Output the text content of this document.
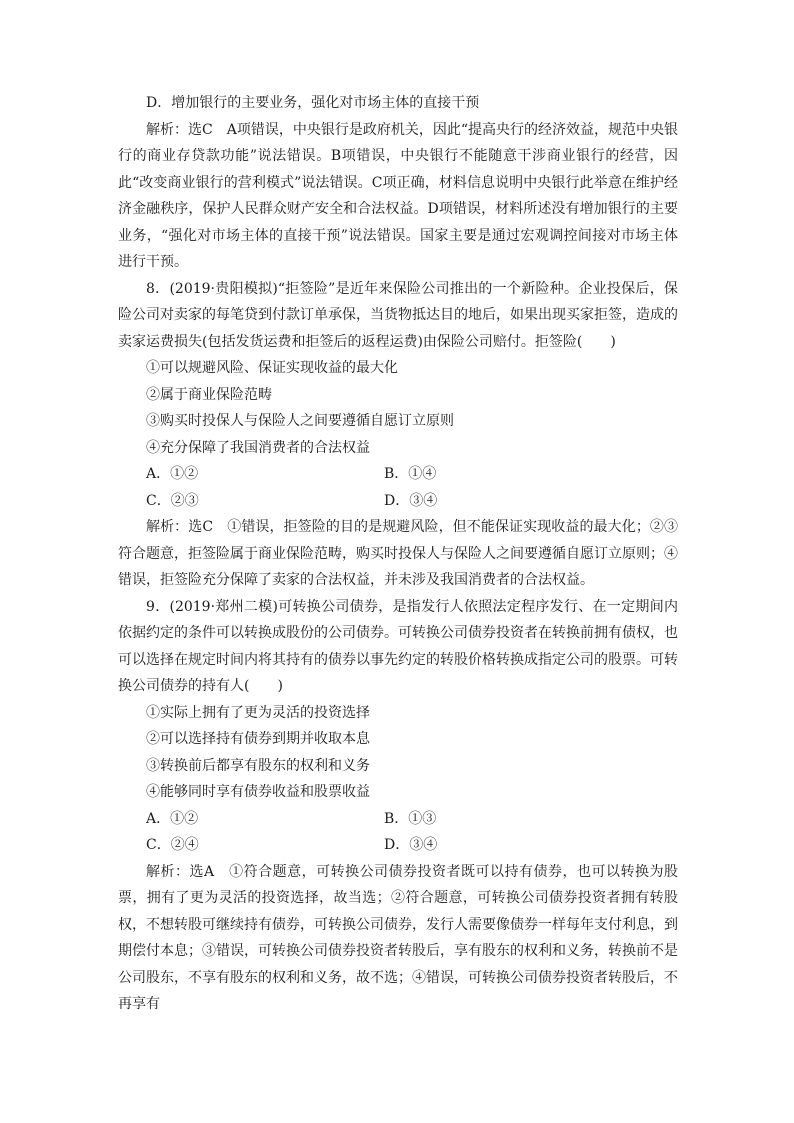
D．增加银行的主要业务，强化对市场主体的直接干预

解析：选C　A项错误，中央银行是政府机关，因此“提高央行的经济效益，规范中央银行的商业存贷款功能”说法错误。B项错误，中央银行不能随意干涉商业银行的经营，因此“改变商业银行的营利模式”说法错误。C项正确，材料信息说明中央银行此举意在维护经济金融秩序，保护人民群众财产安全和合法权益。D项错误，材料所述没有增加银行的主要业务，“强化对市场主体的直接干预”说法错误。国家主要是通过宏观调控间接对市场主体进行干预。

8．(2019·贵阳模拟)“拒签险”是近年来保险公司推出的一个新险种。企业投保后，保险公司对卖家的每笔贷到付款订单承保，当货物抵达目的地后，如果出现买家拒签，造成的卖家运费损失(包括发货运费和拒签后的返程运费)由保险公司赔付。拒签险(　　)

①可以规避风险、保证实现收益的最大化

②属于商业保险范畴

③购买时投保人与保险人之间要遵循自愿订立原则

④充分保障了我国消费者的合法权益

A．①②	B．①④
C．②③	D．③④

解析：选C　①错误，拒签险的目的是规避风险，但不能保证实现收益的最大化；②③符合题意，拒签险属于商业保险范畴，购买时投保人与保险人之间要遵循自愿订立原则；④错误，拒签险充分保障了卖家的合法权益，并未涉及我国消费者的合法权益。

9．(2019·郑州二模)可转换公司债券，是指发行人依照法定程序发行、在一定期间内依据约定的条件可以转换成股份的公司债券。可转换公司债券投资者在转换前拥有债权，也可以选择在规定时间内将其持有的债券以事先约定的转股价格转换成指定公司的股票。可转换公司债券的持有人(　　)

①实际上拥有了更为灵活的投资选择

②可以选择持有债券到期并收取本息

③转换前后都享有股东的权利和义务

④能够同时享有债券收益和股票收益

A．①②	B．①③
C．②④	D．③④

解析：选A　①符合题意，可转换公司债券投资者既可以持有债券，也可以转换为股票，拥有了更为灵活的投资选择，故当选；②符合题意，可转换公司债券投资者拥有转股权，不想转股可继续持有债券，可转换公司债券，发行人需要像债券一样每年支付利息，到期偿付本息；③错误，可转换公司债券投资者转股后，享有股东的权利和义务，转换前不是公司股东，不享有股东的权利和义务，故不选；④错误，可转换公司债券投资者转股后，不再享有
